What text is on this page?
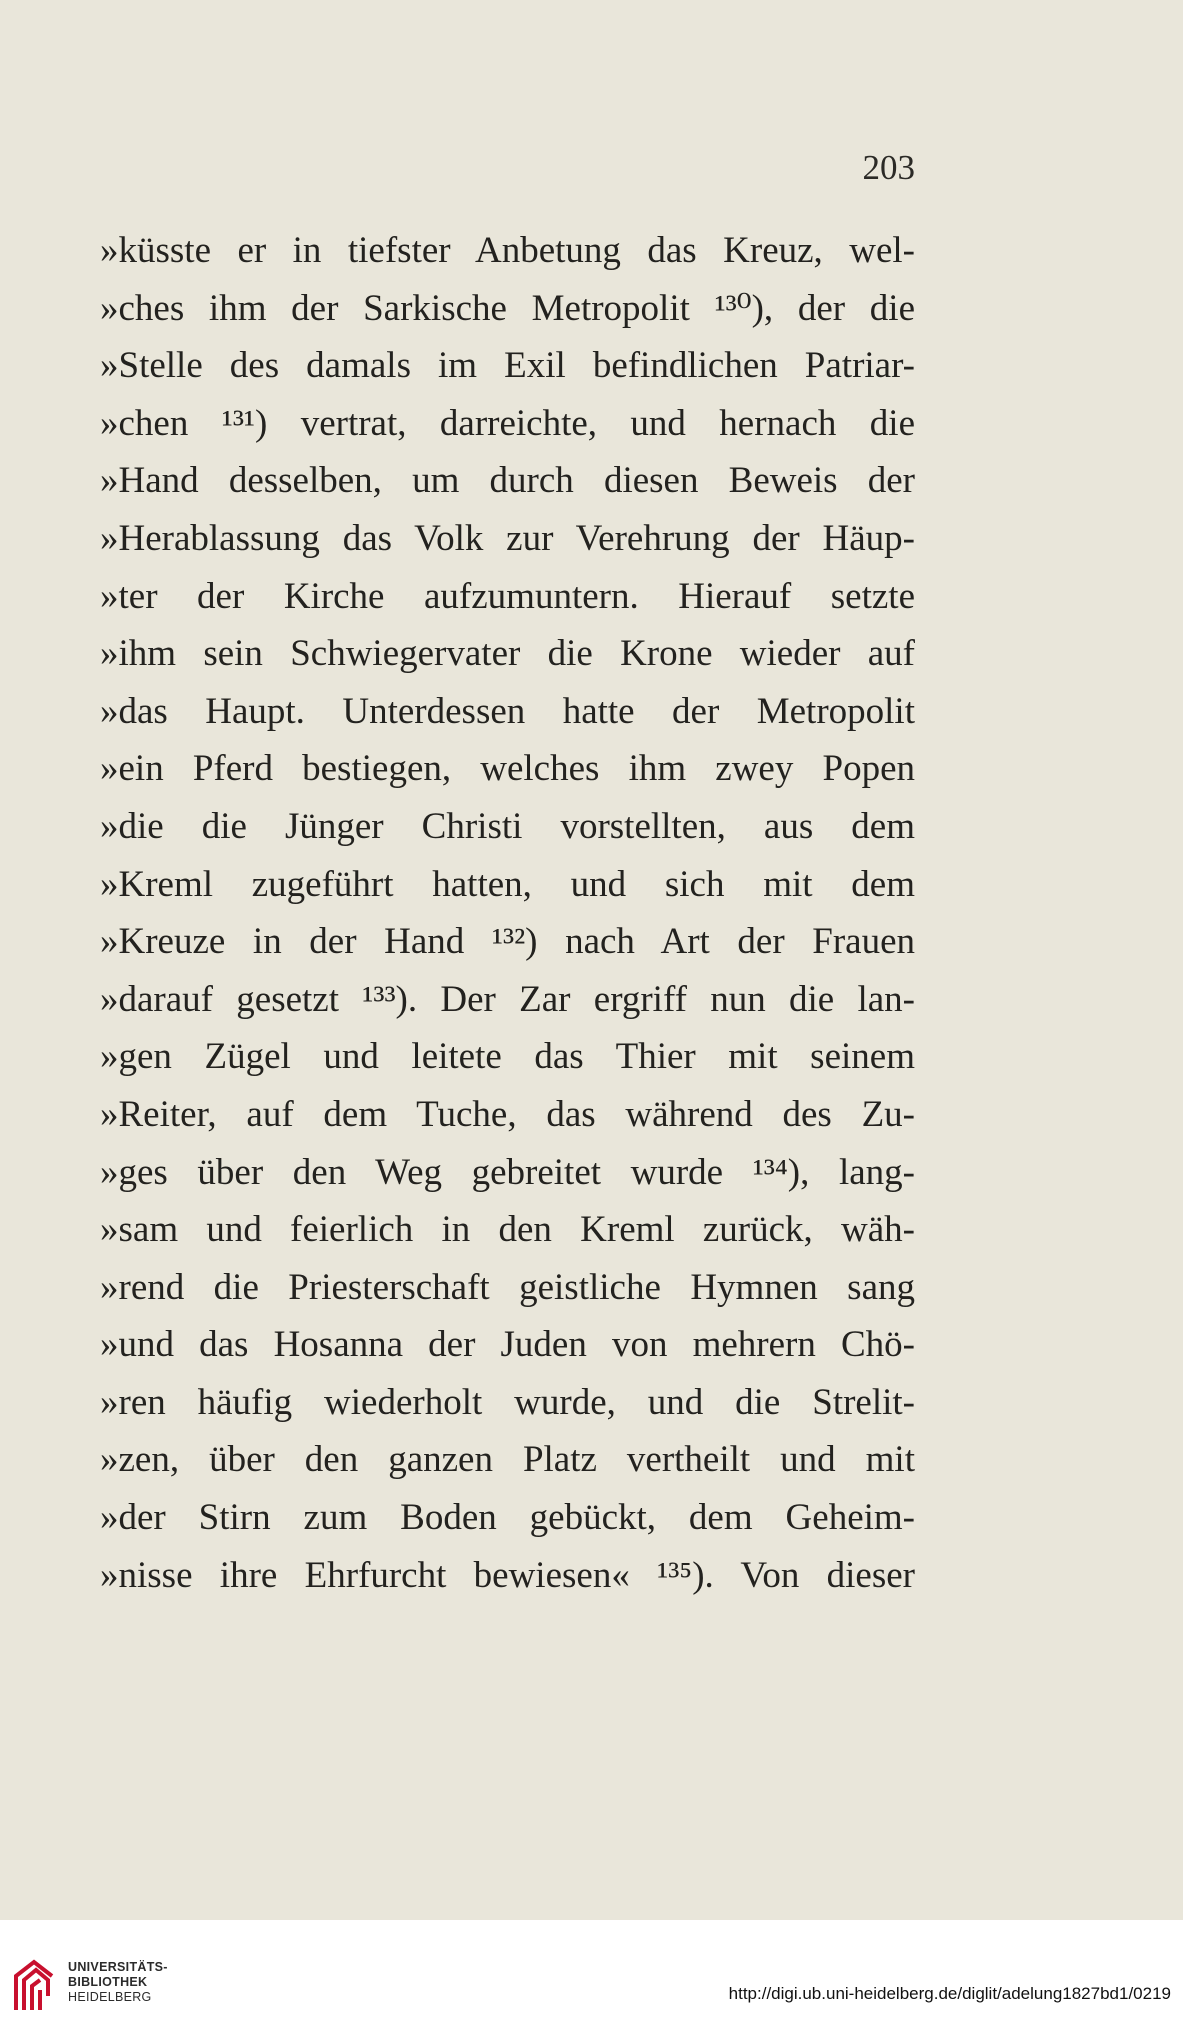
203
»küsste er in tiefster Anbetung das Kreuz, wel-
»ches ihm der Sarkische Metropolit ¹³⁰), der die
»Stelle des damals im Exil befindlichen Patriar-
»chen ¹³¹) vertrat, darreichte, und hernach die
»Hand desselben, um durch diesen Beweis der
»Herablassung das Volk zur Verehrung der Häup-
»ter der Kirche aufzumuntern. Hierauf setzte
»ihm sein Schwiegervater die Krone wieder auf
»das Haupt. Unterdessen hatte der Metropolit
»ein Pferd bestiegen, welches ihm zwey Popen
»die die Jünger Christi vorstellten, aus dem
»Kreml zugeführt hatten, und sich mit dem
»Kreuze in der Hand ¹³²) nach Art der Frauen
»darauf gesetzt ¹³³). Der Zar ergriff nun die lan-
»gen Zügel und leitete das Thier mit seinem
»Reiter, auf dem Tuche, das während des Zu-
»ges über den Weg gebreitet wurde ¹³⁴), lang-
»sam und feierlich in den Kreml zurück, wäh-
»rend die Priesterschaft geistliche Hymnen sang
»und das Hosanna der Juden von mehrern Chö-
»ren häufig wiederholt wurde, und die Strelit-
»zen, über den ganzen Platz vertheilt und mit
»der Stirn zum Boden gebückt, dem Geheim-
»nisse ihre Ehrfurcht bewiesen« ¹³⁵). Von dieser
UNIVERSITÄTS-
BIBLIOTHEK
HEIDELBERG	http://digi.ub.uni-heidelberg.de/diglit/adelung1827bd1/0219
